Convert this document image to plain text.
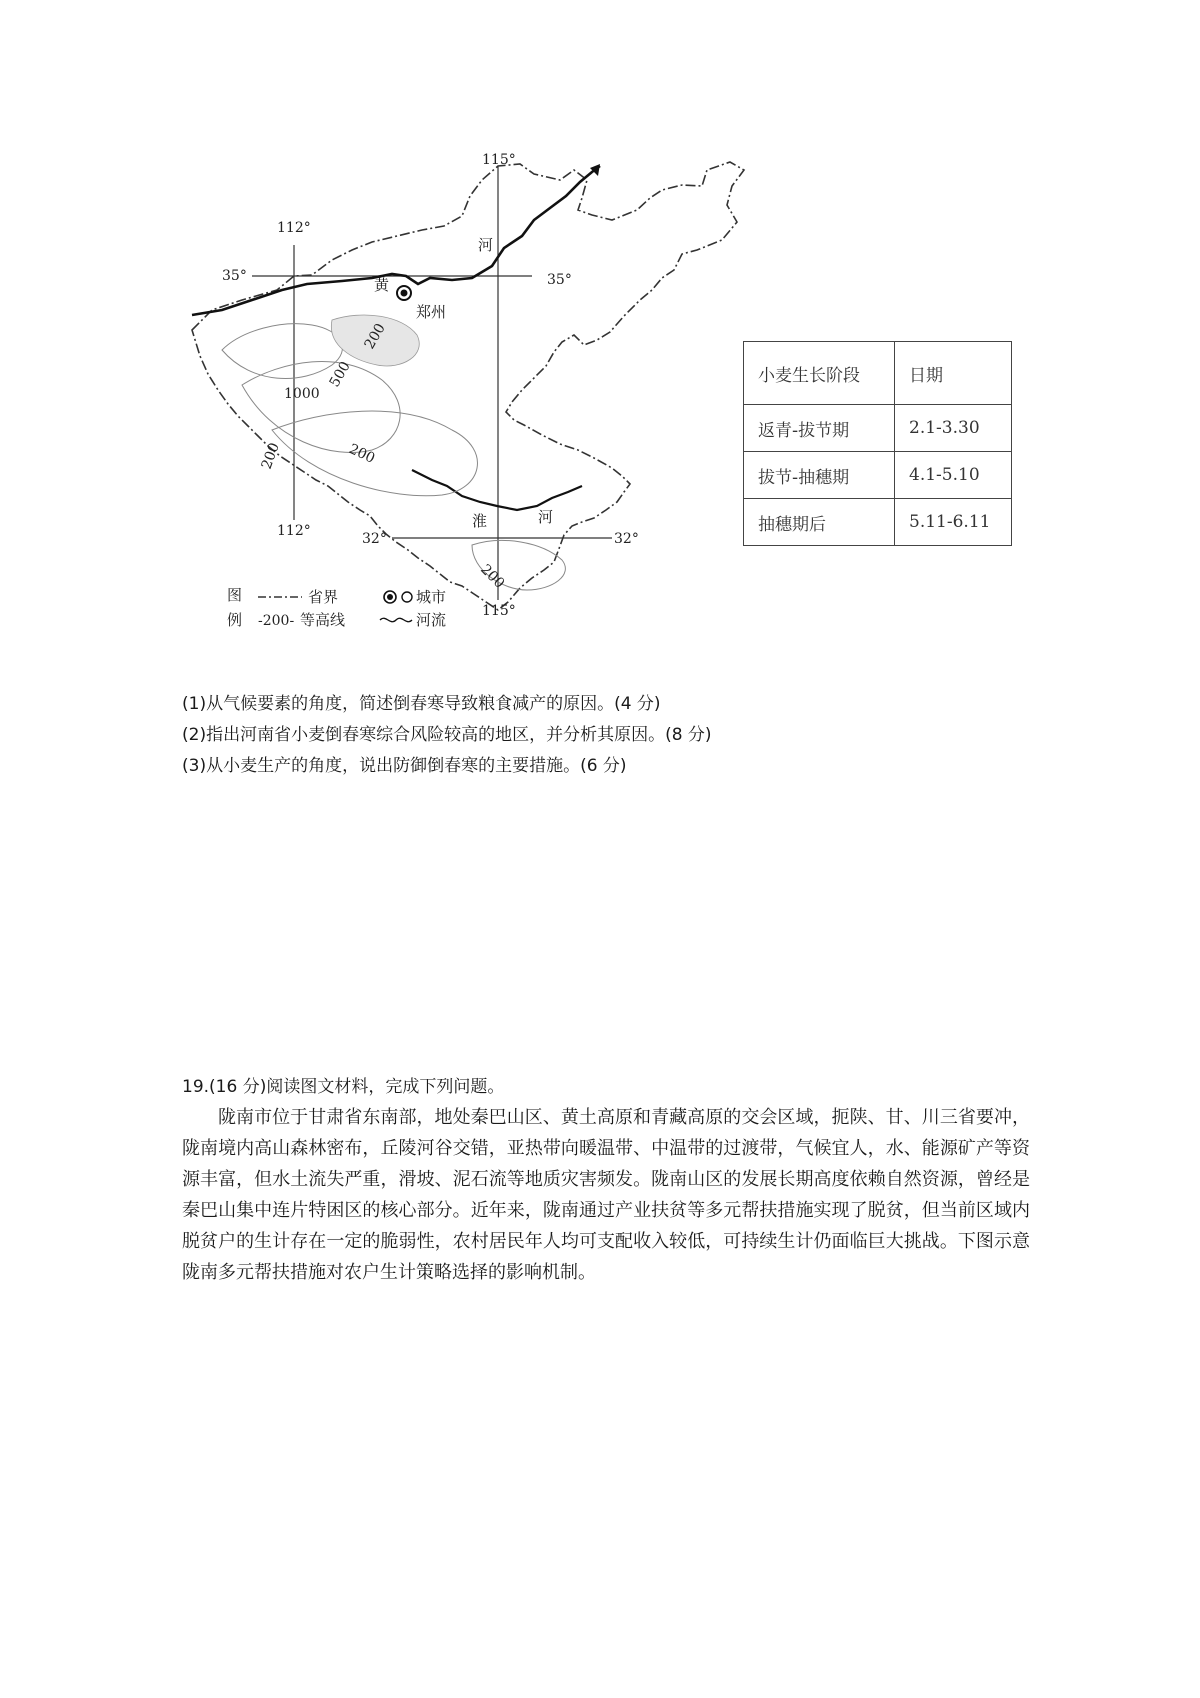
115°
112°
35°	35°
112°	32°	32°
115°
河
黄
淮	河
郑州
200
500
1000
200	200
200
图
例
省界	城市
-200- 等高线	河流
小麦生长阶段	日期
返青-拔节期	2.1-3.30
拔节-抽穗期	4.1-5.10
抽穗期后	5.11-6.11
(1)从气候要素的角度，简述倒春寒导致粮食减产的原因。(4 分)
(2)指出河南省小麦倒春寒综合风险较高的地区，并分析其原因。(8 分)
(3)从小麦生产的角度，说出防御倒春寒的主要措施。(6 分)
19.(16 分)阅读图文材料，完成下列问题。
陇南市位于甘肃省东南部，地处秦巴山区、黄土高原和青藏高原的交会区域，扼陕、甘、川三省要冲，陇南境内高山森林密布，丘陵河谷交错，亚热带向暖温带、中温带的过渡带，气候宜人，水、能源矿产等资源丰富，但水土流失严重，滑坡、泥石流等地质灾害频发。陇南山区的发展长期高度依赖自然资源，曾经是秦巴山集中连片特困区的核心部分。近年来，陇南通过产业扶贫等多元帮扶措施实现了脱贫，但当前区域内脱贫户的生计存在一定的脆弱性，农村居民年人均可支配收入较低，可持续生计仍面临巨大挑战。下图示意陇南多元帮扶措施对农户生计策略选择的影响机制。
